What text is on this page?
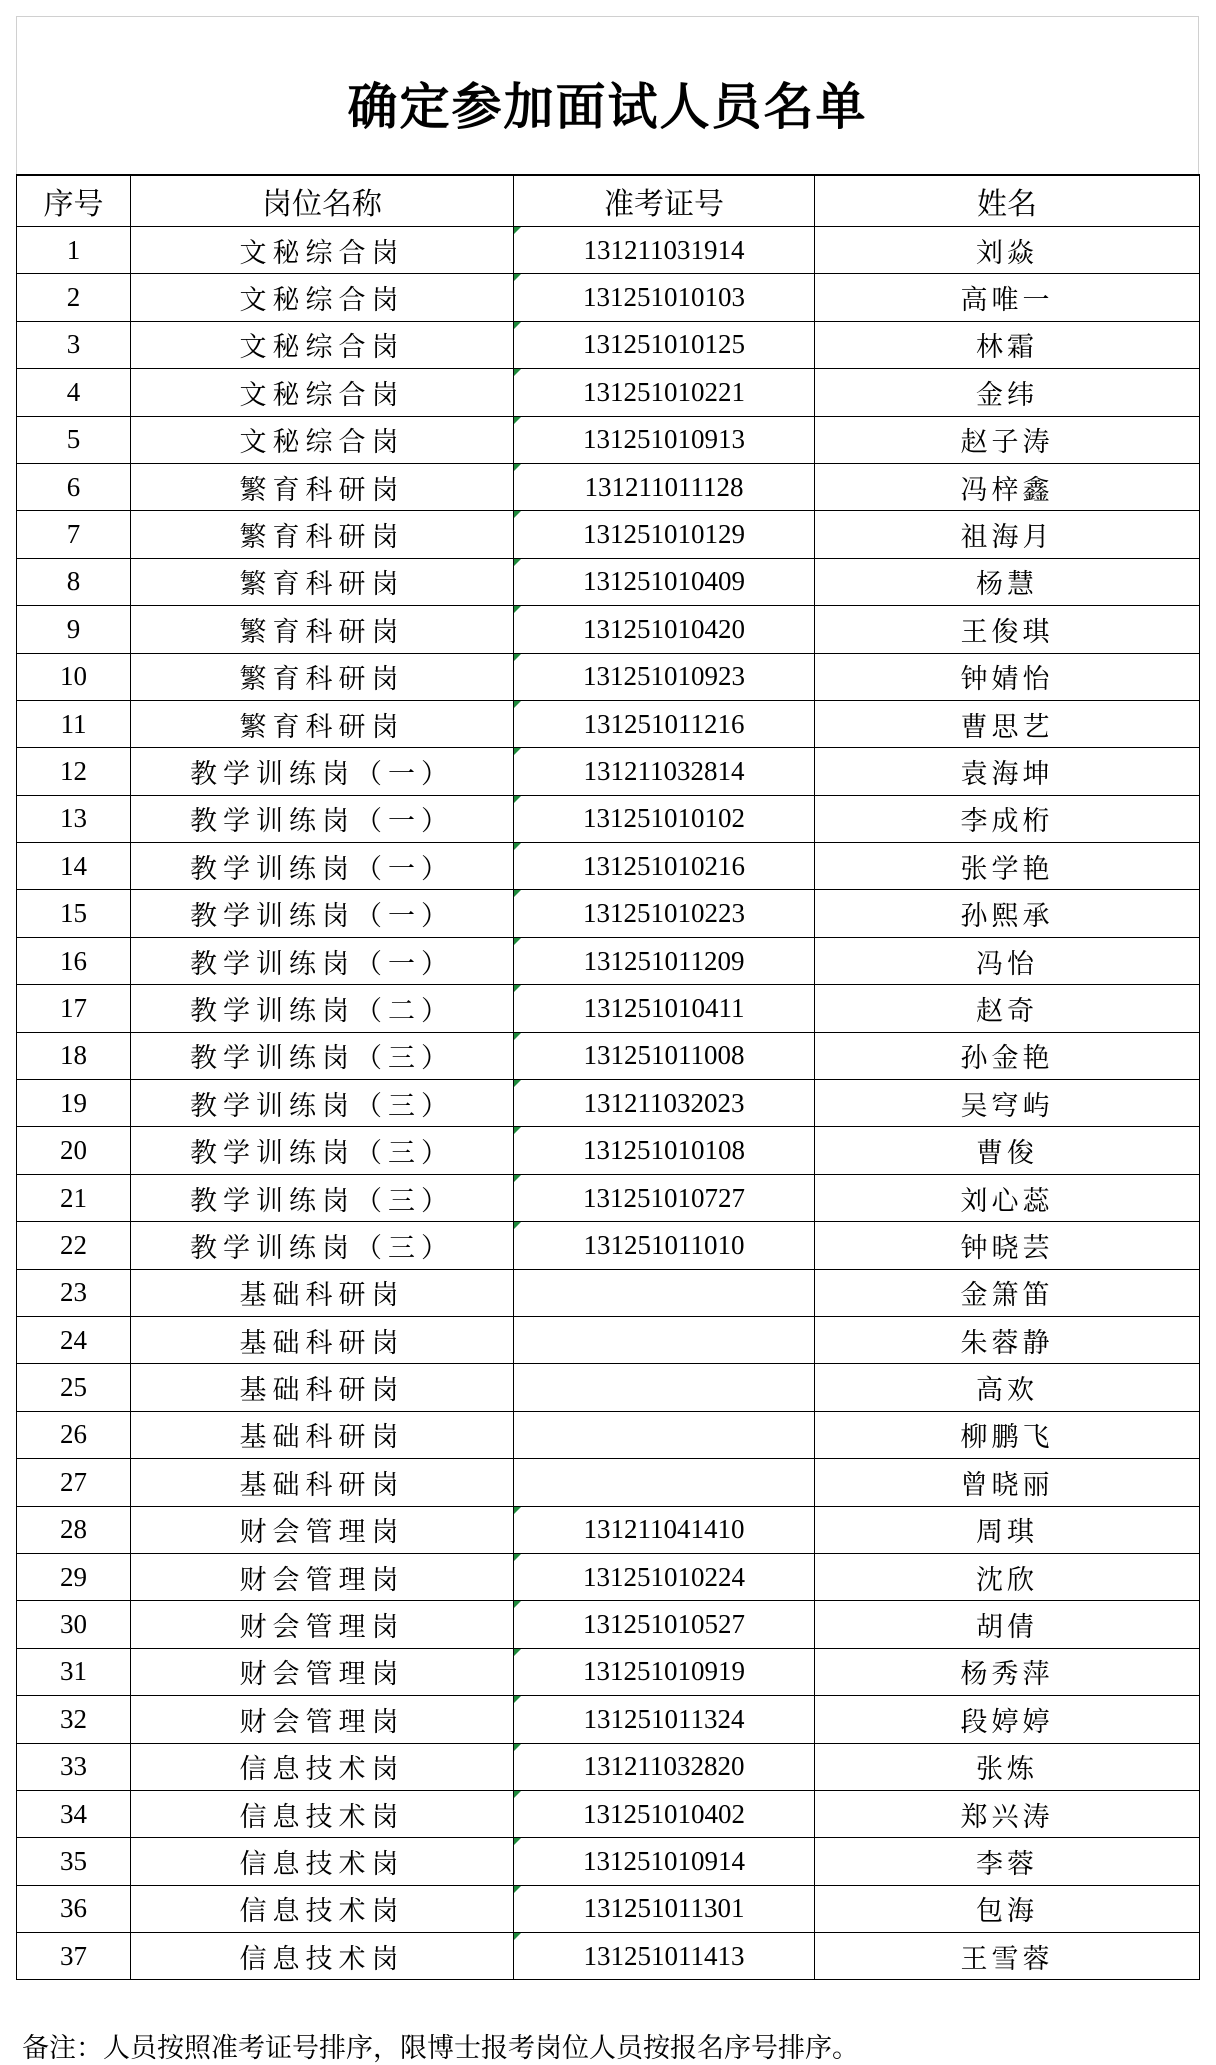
确定参加面试人员名单
序号	岗位名称	准考证号	姓名
1	文秘综合岗	131211031914	刘焱
2	文秘综合岗	131251010103	高唯一
3	文秘综合岗	131251010125	林霜
4	文秘综合岗	131251010221	金纬
5	文秘综合岗	131251010913	赵子涛
6	繁育科研岗	131211011128	冯梓鑫
7	繁育科研岗	131251010129	祖海月
8	繁育科研岗	131251010409	杨慧
9	繁育科研岗	131251010420	王俊琪
10	繁育科研岗	131251010923	钟婧怡
11	繁育科研岗	131251011216	曹思艺
12	教学训练岗（一）	131211032814	袁海坤
13	教学训练岗（一）	131251010102	李成桁
14	教学训练岗（一）	131251010216	张学艳
15	教学训练岗（一）	131251010223	孙熙承
16	教学训练岗（一）	131251011209	冯怡
17	教学训练岗（二）	131251010411	赵奇
18	教学训练岗（三）	131251011008	孙金艳
19	教学训练岗（三）	131211032023	吴穹屿
20	教学训练岗（三）	131251010108	曹俊
21	教学训练岗（三）	131251010727	刘心蕊
22	教学训练岗（三）	131251011010	钟晓芸
23	基础科研岗		金箫笛
24	基础科研岗		朱蓉静
25	基础科研岗		高欢
26	基础科研岗		柳鹏飞
27	基础科研岗		曾晓丽
28	财会管理岗	131211041410	周琪
29	财会管理岗	131251010224	沈欣
30	财会管理岗	131251010527	胡倩
31	财会管理岗	131251010919	杨秀萍
32	财会管理岗	131251011324	段婷婷
33	信息技术岗	131211032820	张炼
34	信息技术岗	131251010402	郑兴涛
35	信息技术岗	131251010914	李蓉
36	信息技术岗	131251011301	包海
37	信息技术岗	131251011413	王雪蓉
备注：人员按照准考证号排序，限博士报考岗位人员按报名序号排序。
